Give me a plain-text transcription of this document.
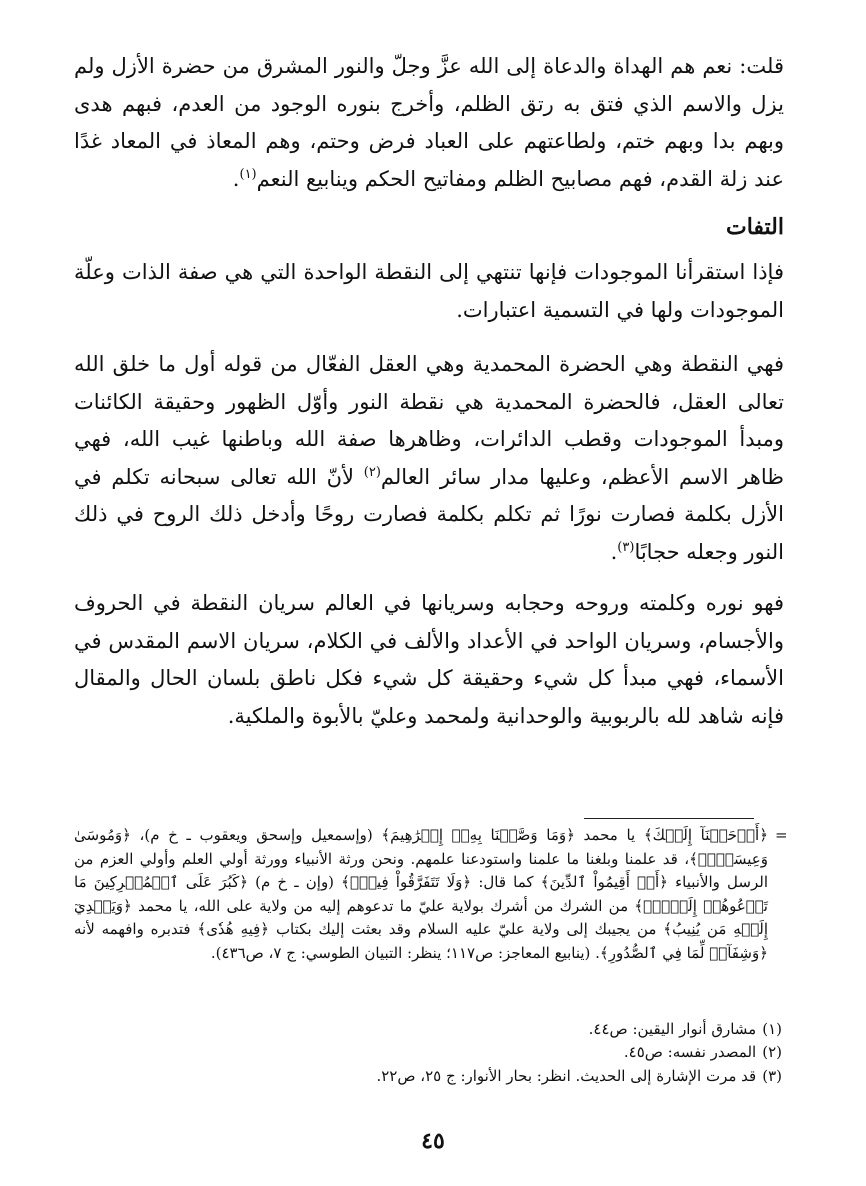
قلت: نعم هم الهداة والدعاة إلى الله عزَّ وجلّ والنور المشرق من حضرة الأزل ولم يزل والاسم الذي فتق به رتق الظلم، وأخرج بنوره الوجود من العدم، فبهم هدى وبهم بدا وبهم ختم، ولطاعتهم على العباد فرض وحتم، وهم المعاذ في المعاد غدًا عند زلة القدم، فهم مصابيح الظلم ومفاتيح الحكم وينابيع النعم$^{(١)}$.

التفات

فإذا استقرأنا الموجودات فإنها تنتهي إلى النقطة الواحدة التي هي صفة الذات وعلّة الموجودات ولها في التسمية اعتبارات.

فهي النقطة وهي الحضرة المحمدية وهي العقل الفعّال من قوله أول ما خلق الله تعالى العقل، فالحضرة المحمدية هي نقطة النور وأوّل الظهور وحقيقة الكائنات ومبدأ الموجودات وقطب الدائرات، وظاهرها صفة الله وباطنها غيب الله، فهي ظاهر الاسم الأعظم، وعليها مدار سائر العالم$^{(٢)}$ لأنّ الله تعالى سبحانه تكلم في الأزل بكلمة فصارت نورًا ثم تكلم بكلمة فصارت روحًا وأدخل ذلك الروح في ذلك النور وجعله حجابًا$^{(٣)}$.

فهو نوره وكلمته وروحه وحجابه وسريانها في العالم سريان النقطة في الحروف والأجسام، وسريان الواحد في الأعداد والألف في الكلام، سريان الاسم المقدس في الأسماء، فهي مبدأ كل شيء وحقيقة كل شيء فكل ناطق بلسان الحال والمقال فإنه شاهد لله بالربوبية والوحدانية ولمحمد وعليّ بالأبوة والملكية.

=

﴿أَوۡحَيۡنَآ إِلَيۡكَ﴾ يا محمد ﴿وَمَا وَصَّيۡنَا بِهِۦٓ إِبۡرَٰهِيمَ﴾ (وإسمعيل وإسحق ويعقوب ـ خ م)، ﴿وَمُوسَىٰ وَعِيسَىٰٓۖ﴾، قد علمنا وبلغنا ما علمنا واستودعنا علمهم. ونحن ورثة الأنبياء وورثة أولي العلم وأولي العزم من الرسل والأنبياء ﴿أَنۡ أَقِيمُواْ ٱلدِّينَ﴾ كما قال: ﴿وَلَا تَتَفَرَّقُواْ فِيهِۚ﴾ (وإن ـ خ م) ﴿كَبُرَ عَلَى ٱلۡمُشۡرِكِينَ مَا تَدۡعُوهُمۡ إِلَيۡهِۚ﴾ من الشرك من أشرك بولاية عليّ ما تدعوهم إليه من ولاية على الله، يا محمد ﴿وَيَهۡدِيٓ إِلَيۡهِ مَن يُنِيبُ﴾ من يجيبك إلى ولاية عليّ عليه السلام وقد بعثت إليك بكتاب ﴿فِيهِ هُدٗى﴾ فتدبره وافهمه لأنه ﴿وَشِفَآءٞ لِّمَا فِي ٱلصُّدُورِ﴾. (ينابيع المعاجز: ص١١٧؛ ينظر: التبيان الطوسي: ج ٧، ص٤٣٦).

(١)مشارق أنوار اليقين: ص٤٤.
(٢)المصدر نفسه: ص٤٥.
(٣)قد مرت الإشارة إلى الحديث. انظر: بحار الأنوار: ج ٢٥، ص٢٢.
٤٥
